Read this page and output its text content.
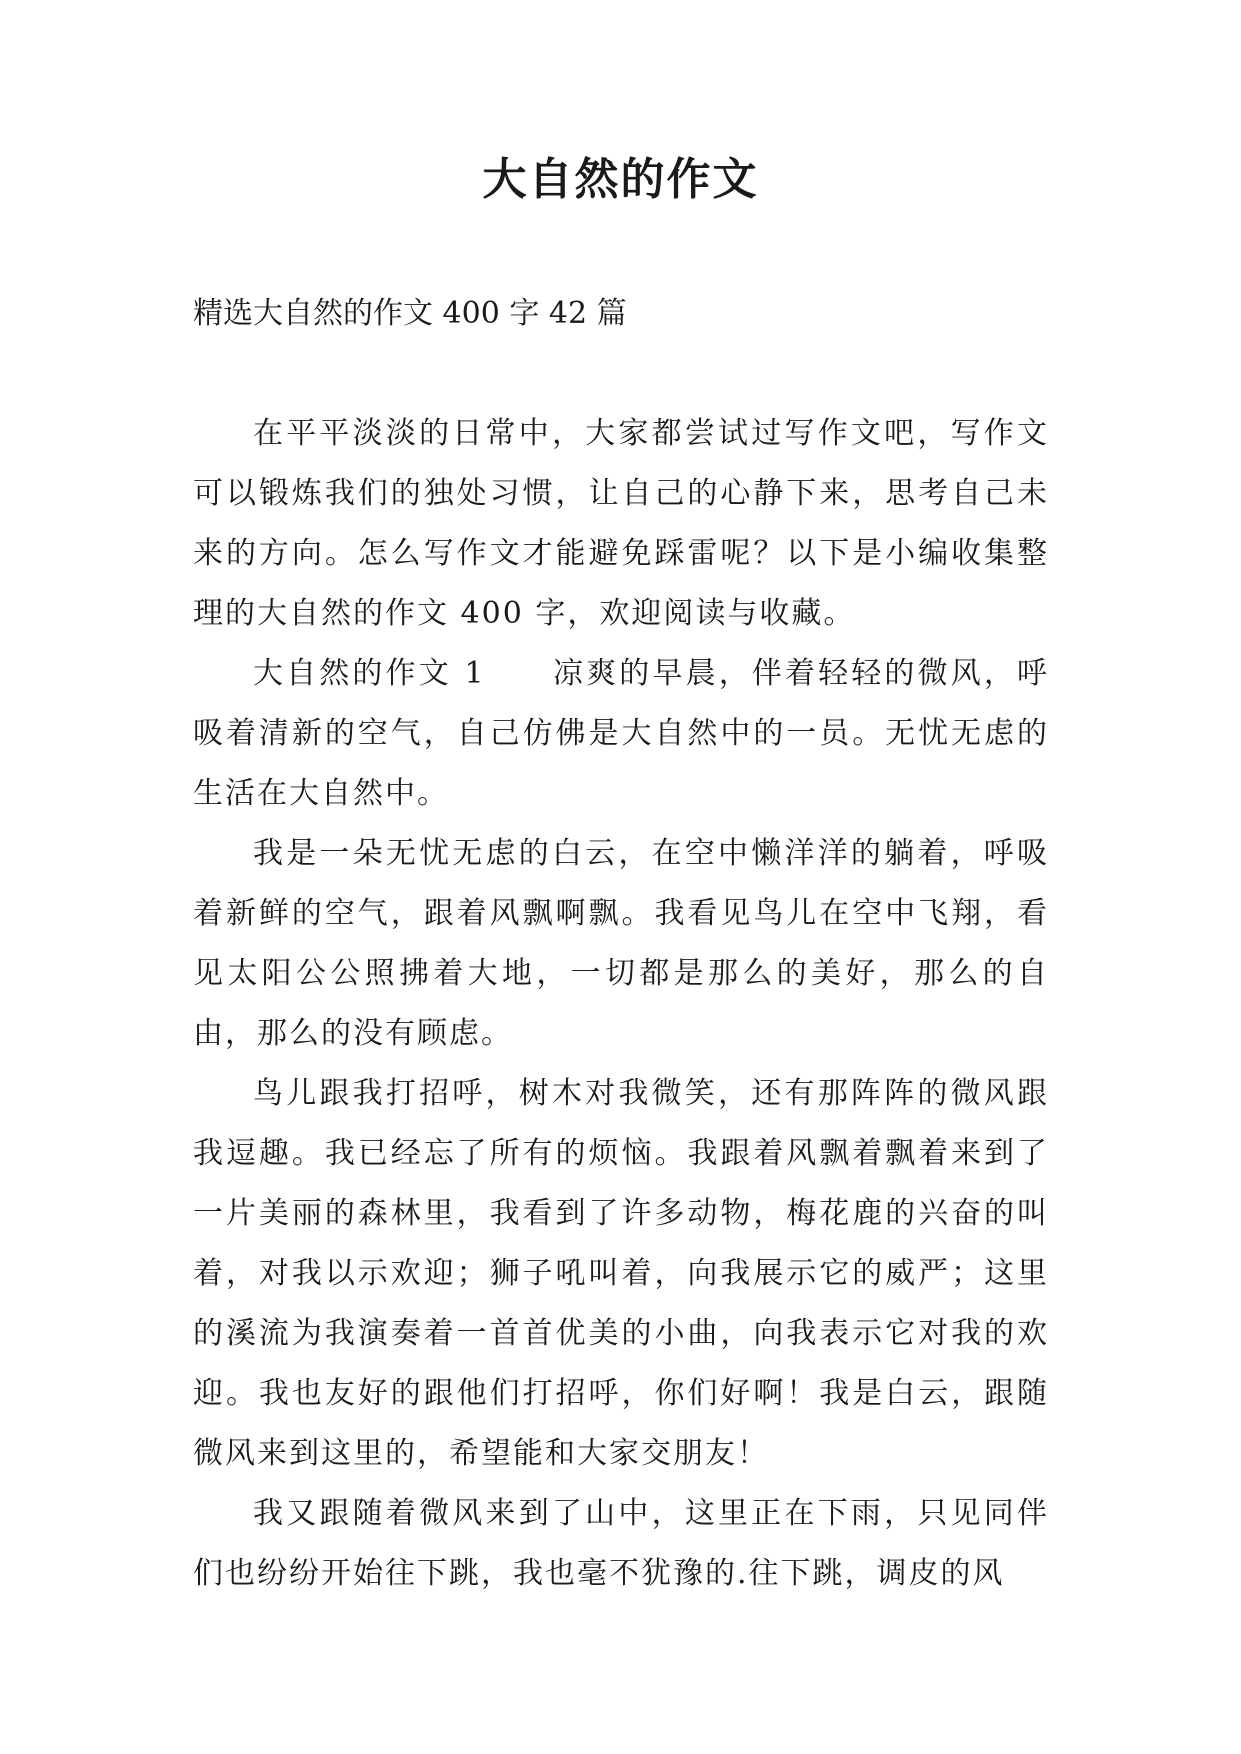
大自然的作文
精选大自然的作文 400 字 42 篇

在平平淡淡的日常中，大家都尝试过写作文吧，写作文可以锻炼我们的独处习惯，让自己的心静下来，思考自己未来的方向。怎么写作文才能避免踩雷呢？以下是小编收集整理的大自然的作文 400 字，欢迎阅读与收藏。

大自然的作文 1　　凉爽的早晨，伴着轻轻的微风，呼吸着清新的空气，自己仿佛是大自然中的一员。无忧无虑的生活在大自然中。

我是一朵无忧无虑的白云，在空中懒洋洋的躺着，呼吸着新鲜的空气，跟着风飘啊飘。我看见鸟儿在空中飞翔，看见太阳公公照拂着大地，一切都是那么的美好，那么的自由，那么的没有顾虑。

鸟儿跟我打招呼，树木对我微笑，还有那阵阵的微风跟我逗趣。我已经忘了所有的烦恼。我跟着风飘着飘着来到了一片美丽的森林里，我看到了许多动物，梅花鹿的兴奋的叫着，对我以示欢迎；狮子吼叫着，向我展示它的威严；这里的溪流为我演奏着一首首优美的小曲，向我表示它对我的欢迎。我也友好的跟他们打招呼，你们好啊！我是白云，跟随微风来到这里的，希望能和大家交朋友！

我又跟随着微风来到了山中，这里正在下雨，只见同伴们也纷纷开始往下跳，我也毫不犹豫的.往下跳，调皮的风
